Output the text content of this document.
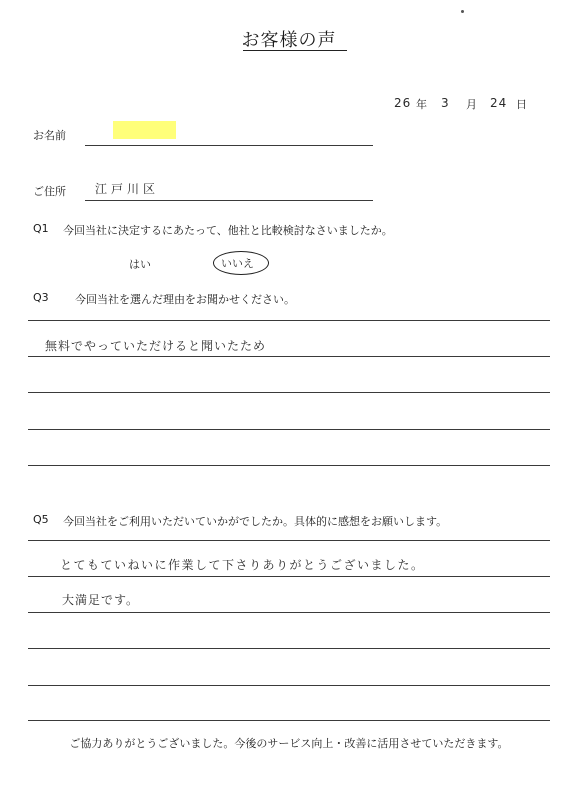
お客様の声
26 年 3 月 24 日
お名前
ご住所 江戸川区
Q1 今回当社に決定するにあたって、他社と比較検討なさいましたか。
はい	いいえ
Q3 今回当社を選んだ理由をお聞かせください。
無料でやっていただけると聞いたため
Q5 今回当社をご利用いただいていかがでしたか。具体的に感想をお願いします。
とてもていねいに作業して下さりありがとうございました。
大満足です。
ご協力ありがとうございました。今後のサービス向上・改善に活用させていただきます。
